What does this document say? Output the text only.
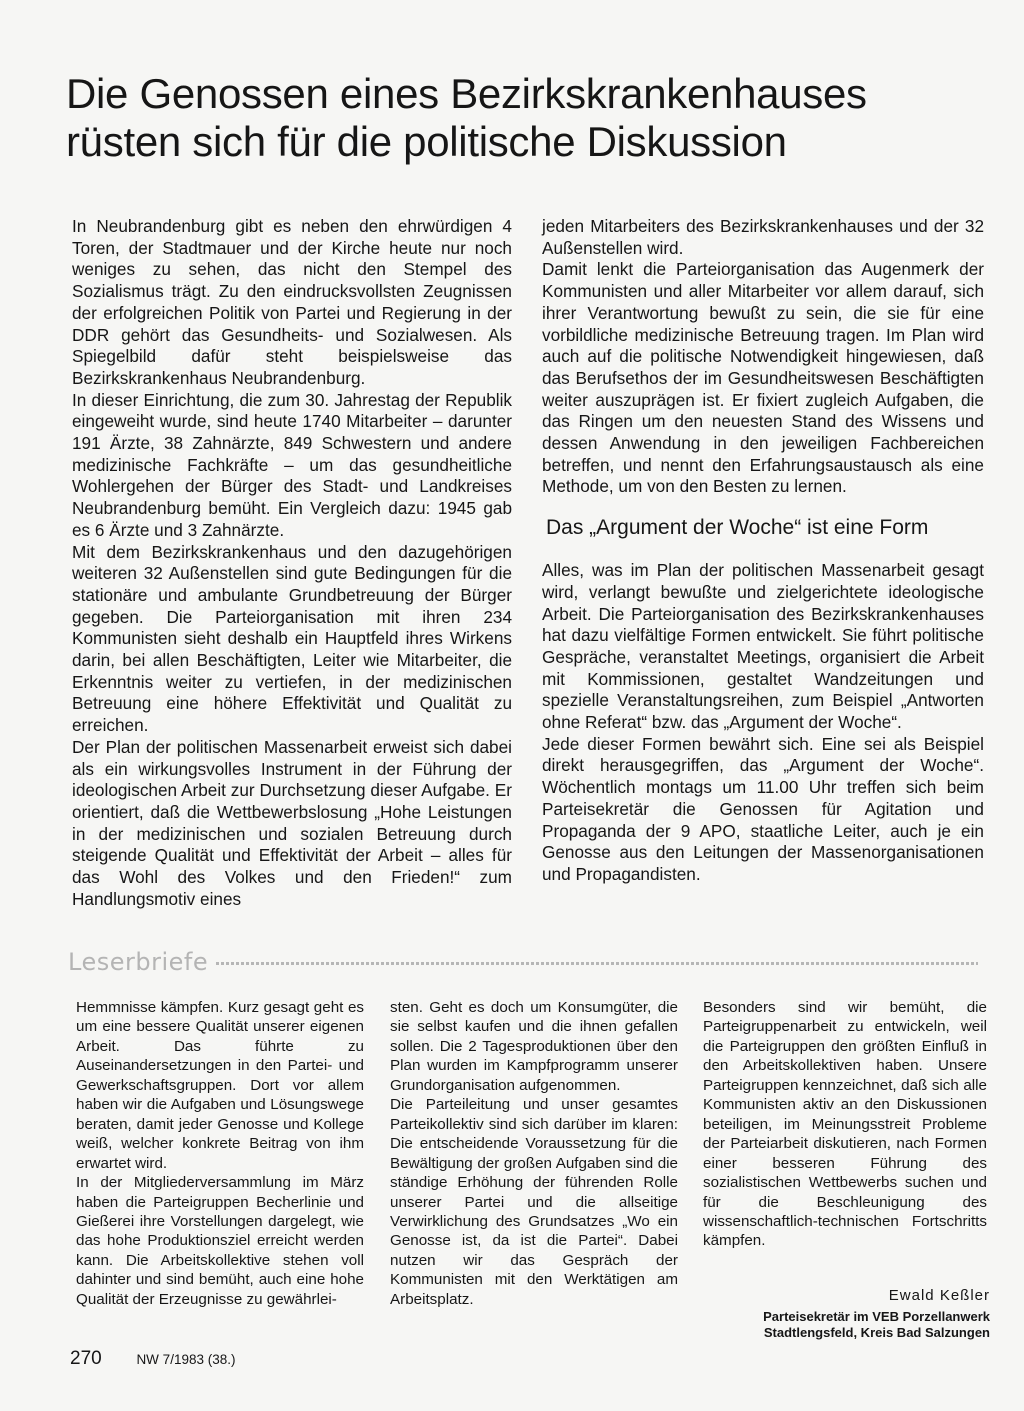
Die Genossen eines Bezirkskrankenhauses
rüsten sich für die politische Diskussion

In Neubrandenburg gibt es neben den ehrwürdigen 4 Toren, der Stadtmauer und der Kirche heute nur noch weniges zu sehen, das nicht den Stempel des Sozialismus trägt. Zu den eindrucksvollsten Zeugnissen der erfolgreichen Politik von Partei und Regierung in der DDR gehört das Gesundheits- und Sozialwesen. Als Spiegelbild dafür steht beispielsweise das Bezirkskrankenhaus Neubrandenburg.

In dieser Einrichtung, die zum 30. Jahrestag der Republik eingeweiht wurde, sind heute 1740 Mitarbeiter – darunter 191 Ärzte, 38 Zahnärzte, 849 Schwestern und andere medizinische Fachkräfte – um das gesundheitliche Wohlergehen der Bürger des Stadt- und Landkreises Neubrandenburg bemüht. Ein Vergleich dazu: 1945 gab es 6 Ärzte und 3 Zahnärzte.

Mit dem Bezirkskrankenhaus und den dazugehörigen weiteren 32 Außenstellen sind gute Bedingungen für die stationäre und ambulante Grundbetreuung der Bürger gegeben. Die Parteiorganisation mit ihren 234 Kommunisten sieht deshalb ein Hauptfeld ihres Wirkens darin, bei allen Beschäftigten, Leiter wie Mitarbeiter, die Erkenntnis weiter zu vertiefen, in der medizinischen Betreuung eine höhere Effektivität und Qualität zu erreichen.

Der Plan der politischen Massenarbeit erweist sich dabei als ein wirkungsvolles Instrument in der Führung der ideologischen Arbeit zur Durchsetzung dieser Aufgabe. Er orientiert, daß die Wettbewerbslosung „Hohe Leistungen in der medizinischen und sozialen Betreuung durch steigende Qualität und Effektivität der Arbeit – alles für das Wohl des Volkes und den Frieden!“ zum Handlungsmotiv eines

jeden Mitarbeiters des Bezirkskrankenhauses und der 32 Außenstellen wird.

Damit lenkt die Parteiorganisation das Augenmerk der Kommunisten und aller Mitarbeiter vor allem darauf, sich ihrer Verantwortung bewußt zu sein, die sie für eine vorbildliche medizinische Betreuung tragen. Im Plan wird auch auf die politische Notwendigkeit hingewiesen, daß das Berufsethos der im Gesundheitswesen Beschäftigten weiter auszuprägen ist. Er fixiert zugleich Aufgaben, die das Ringen um den neuesten Stand des Wissens und dessen Anwendung in den jeweiligen Fachbereichen betreffen, und nennt den Erfahrungsaustausch als eine Methode, um von den Besten zu lernen.

Das „Argument der Woche“ ist eine Form

Alles, was im Plan der politischen Massenarbeit gesagt wird, verlangt bewußte und zielgerichtete ideologische Arbeit. Die Parteiorganisation des Bezirkskrankenhauses hat dazu vielfältige Formen entwickelt. Sie führt politische Gespräche, veranstaltet Meetings, organisiert die Arbeit mit Kommissionen, gestaltet Wandzeitungen und spezielle Veranstaltungsreihen, zum Beispiel „Antworten ohne Referat“ bzw. das „Argument der Woche“.

Jede dieser Formen bewährt sich. Eine sei als Beispiel direkt herausgegriffen, das „Argument der Woche“. Wöchentlich montags um 11.00 Uhr treffen sich beim Parteisekretär die Genossen für Agitation und Propaganda der 9 APO, staatliche Leiter, auch je ein Genosse aus den Leitungen der Massenorganisationen und Propagandisten.

Leserbriefe

Hemmnisse kämpfen. Kurz gesagt geht es um eine bessere Qualität unserer eigenen Arbeit. Das führte zu Auseinandersetzungen in den Partei- und Gewerkschaftsgruppen. Dort vor allem haben wir die Aufgaben und Lösungswege beraten, damit jeder Genosse und Kollege weiß, welcher konkrete Beitrag von ihm erwartet wird.

In der Mitgliederversammlung im März haben die Parteigruppen Becherlinie und Gießerei ihre Vorstellungen dargelegt, wie das hohe Produktionsziel erreicht werden kann. Die Arbeitskollektive stehen voll dahinter und sind bemüht, auch eine hohe Qualität der Erzeugnisse zu gewährlei-

sten. Geht es doch um Konsumgüter, die sie selbst kaufen und die ihnen gefallen sollen. Die 2 Tagesproduktionen über den Plan wurden im Kampfprogramm unserer Grundorganisation aufgenommen.

Die Parteileitung und unser gesamtes Parteikollektiv sind sich darüber im klaren: Die entscheidende Voraussetzung für die Bewältigung der großen Aufgaben sind die ständige Erhöhung der führenden Rolle unserer Partei und die allseitige Verwirklichung des Grundsatzes „Wo ein Genosse ist, da ist die Partei“. Dabei nutzen wir das Gespräch der Kommunisten mit den Werktätigen am Arbeitsplatz.

Besonders sind wir bemüht, die Parteigruppenarbeit zu entwickeln, weil die Parteigruppen den größten Einfluß in den Arbeitskollektiven haben. Unsere Parteigruppen kennzeichnet, daß sich alle Kommunisten aktiv an den Diskussionen beteiligen, im Meinungsstreit Probleme der Parteiarbeit diskutieren, nach Formen einer besseren Führung des sozialistischen Wettbewerbs suchen und für die Beschleunigung des wissenschaftlich-technischen Fortschritts kämpfen.

Ewald Keßler
Parteisekretär im VEB Porzellanwerk
Stadtlengsfeld, Kreis Bad Salzungen
270	NW 7/1983 (38.)
